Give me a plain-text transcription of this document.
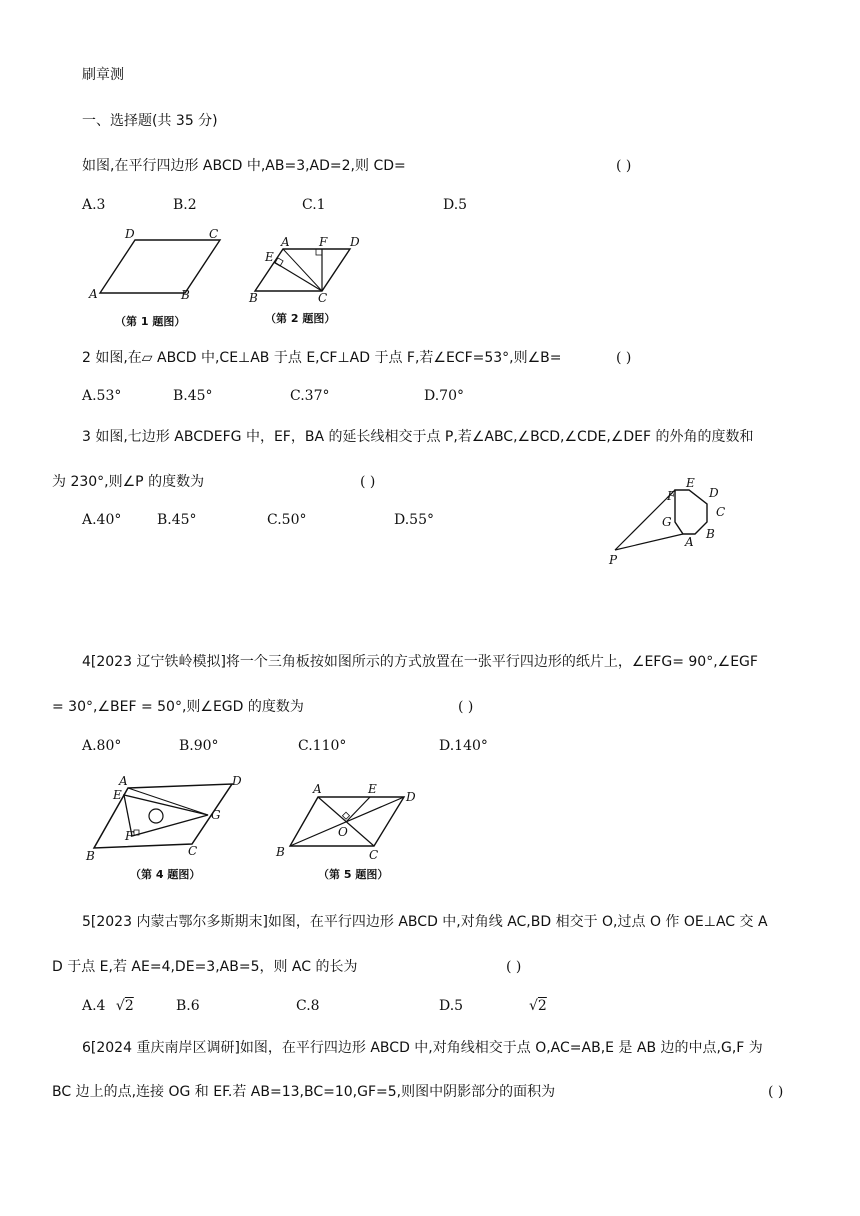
刷章测
一、选择题(共 35 分)
如图,在平行四边形 ABCD 中,AB=3,AD=2,则 CD=	( )
A.3	B.2	C.1	D.5
D	C
A	B
（第 1 题图）
A F D
E
B	C
（第 2 题图）
2 如图,在▱ ABCD 中,CE⊥AB 于点 E,CF⊥AD 于点 F,若∠ECF=53°,则∠B=	( )
A.53°	B.45°	C.37°	D.70°
3 如图,七边形 ABCDEFG 中，EF，BA 的延长线相交于点 P,若∠ABC,∠BCD,∠CDE,∠DEF 的外角的度数和
为 230°,则∠P 的度数为	( )
A.40°	B.45°	C.50°	D.55°
F
E
D
C
B
A
G
P
4[2023 辽宁铁岭模拟]将一个三角板按如图所示的方式放置在一张平行四边形的纸片上，∠EFG= 90°,∠EGF
= 30°,∠BEF = 50°,则∠EGD 的度数为	( )
A.80°	B.90°	C.110°	D.140°
A	D
E
G
F
B	C
（第 4 题图）
A	E
D
O
B	C
（第 5 题图）
5[2023 内蒙古鄂尔多斯期末]如图，在平行四边形 ABCD 中,对角线 AC,BD 相交于 O,过点 O 作 OE⊥AC 交 A
D 于点 E,若 AE=4,DE=3,AB=5，则 AC 的长为	( )
A.4 √2	B.6	C.8	D.5	√2
6[2024 重庆南岸区调研]如图，在平行四边形 ABCD 中,对角线相交于点 O,AC=AB,E 是 AB 边的中点,G,F 为
BC 边上的点,连接 OG 和 EF.若 AB=13,BC=10,GF=5,则图中阴影部分的面积为	( )
